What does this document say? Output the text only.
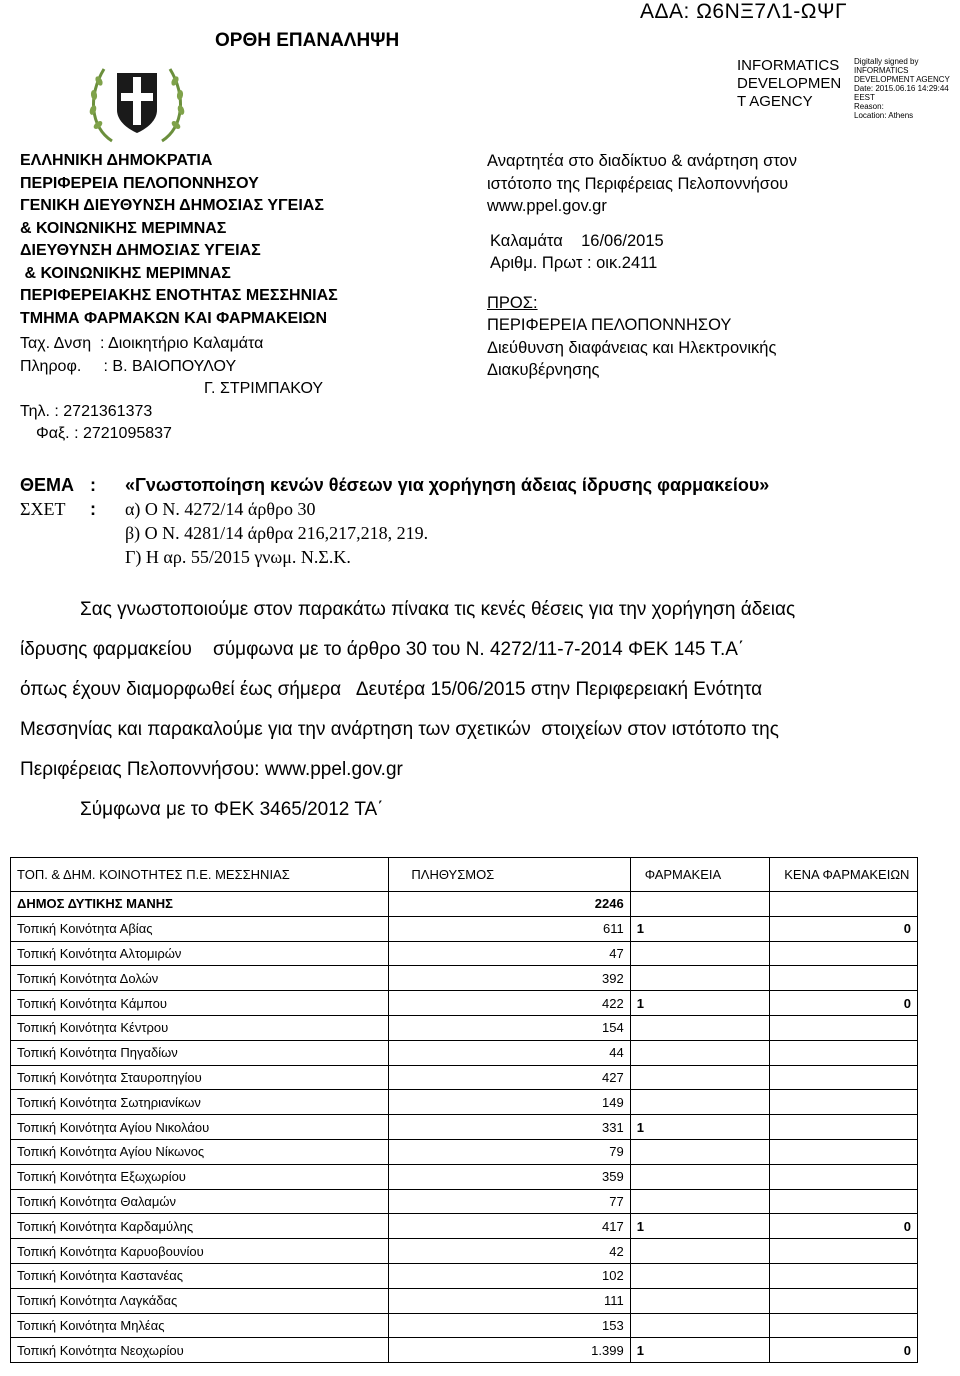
ΑΔΑ: Ω6ΝΞ7Λ1-ΩΨΓ
ΟΡΘΗ ΕΠΑΝΑΛΗΨΗ
INFORMATICS
DEVELOPMEN
T AGENCY
Digitally signed by
INFORMATICS
DEVELOPMENT AGENCY
Date: 2015.06.16 14:29:44
EEST
Reason:
Location: Athens
ΕΛΛΗΝΙΚΗ ΔΗΜΟΚΡΑΤΙΑ
ΠΕΡΙΦΕΡΕΙΑ ΠΕΛΟΠΟΝΝΗΣΟΥ
ΓΕΝΙΚΗ ΔΙΕΥΘΥΝΣΗ ΔΗΜΟΣΙΑΣ ΥΓΕΙΑΣ
& ΚΟΙΝΩΝΙΚΗΣ ΜΕΡΙΜΝΑΣ
ΔΙΕΥΘΥΝΣΗ ΔΗΜΟΣΙΑΣ ΥΓΕΙΑΣ
& ΚΟΙΝΩΝΙΚΗΣ ΜΕΡΙΜΝΑΣ
ΠΕΡΙΦΕΡΕΙΑΚΗΣ ΕΝΟΤΗΤΑΣ ΜΕΣΣΗΝΙΑΣ
ΤΜΗΜΑ ΦΑΡΜΑΚΩΝ ΚΑΙ ΦΑΡΜΑΚΕΙΩΝ
Ταχ. Δνση  : Διοικητήριο Καλαμάτα
Πληροφ.     : Β. ΒΑΙΟΠΟΥΛΟΥ
Γ. ΣΤΡΙΜΠΑΚΟΥ
Τηλ. : 2721361373
Φαξ. : 2721095837
Αναρτητέα στο διαδίκτυο & ανάρτηση στον
ιστότοπο της Περιφέρειας Πελοποννήσου
www.ppel.gov.gr
Καλαμάτα    16/06/2015
Αριθμ. Πρωτ : οικ.2411
ΠΡΟΣ:
ΠΕΡΙΦΕΡΕΙΑ ΠΕΛΟΠΟΝΝΗΣΟΥ
Διεύθυνση διαφάνειας και Ηλεκτρονικής
Διακυβέρνησης
ΘΕΜΑ : «Γνωστοποίηση κενών θέσεων για χορήγηση άδειας ίδρυσης φαρμακείου»
ΣΧΕΤ : α) Ο Ν. 4272/14 άρθρο 30
β) Ο Ν. 4281/14 άρθρα 216,217,218, 219.
Γ) Η αρ. 55/2015 γνωμ. Ν.Σ.Κ.
Σας γνωστοποιούμε στον παρακάτω πίνακα τις κενές θέσεις για την χορήγηση άδειας
ίδρυσης φαρμακείου    σύμφωνα με το άρθρο 30 του Ν. 4272/11-7-2014 ΦΕΚ 145 Τ.Α΄
όπως έχουν διαμορφωθεί έως σήμερα   Δευτέρα 15/06/2015 στην Περιφερειακή Ενότητα
Μεσσηνίας και παρακαλούμε για την ανάρτηση των σχετικών  στοιχείων στον ιστότοπο της
Περιφέρειας Πελοποννήσου: www.ppel.gov.gr
Σύμφωνα με το ΦΕΚ 3465/2012 ΤΑ΄
ΤΟΠ. & ΔΗΜ. ΚΟΙΝΟΤΗΤΕΣ Π.Ε. ΜΕΣΣΗΝΙΑΣ	ΠΛΗΘΥΣΜΟΣ	ΦΑΡΜΑΚΕΙΑ	ΚΕΝΑ ΦΑΡΜΑΚΕΙΩΝ
ΔΗΜΟΣ ΔΥΤΙΚΗΣ ΜΑΝΗΣ	2246		
Τοπική Κοινότητα Αβίας	611	1	0
Τοπική Κοινότητα Αλτομιρών	47		
Τοπική Κοινότητα Δολών	392		
Τοπική Κοινότητα Κάμπου	422	1	0
Τοπική Κοινότητα Κέντρου	154		
Τοπική Κοινότητα Πηγαδίων	44		
Τοπική Κοινότητα Σταυροπηγίου	427		
Τοπική Κοινότητα Σωτηριανίκων	149		
Τοπική Κοινότητα Αγίου Νικολάου	331	1	
Τοπική Κοινότητα Αγίου Νίκωνος	79		
Τοπική Κοινότητα Εξωχωρίου	359		
Τοπική Κοινότητα Θαλαμών	77		
Τοπική Κοινότητα Καρδαμύλης	417	1	0
Τοπική Κοινότητα Καρυοβουνίου	42		
Τοπική Κοινότητα Καστανέας	102		
Τοπική Κοινότητα Λαγκάδας	111		
Τοπική Κοινότητα Μηλέας	153		
Τοπική Κοινότητα Νεοχωρίου	1.399	1	0
